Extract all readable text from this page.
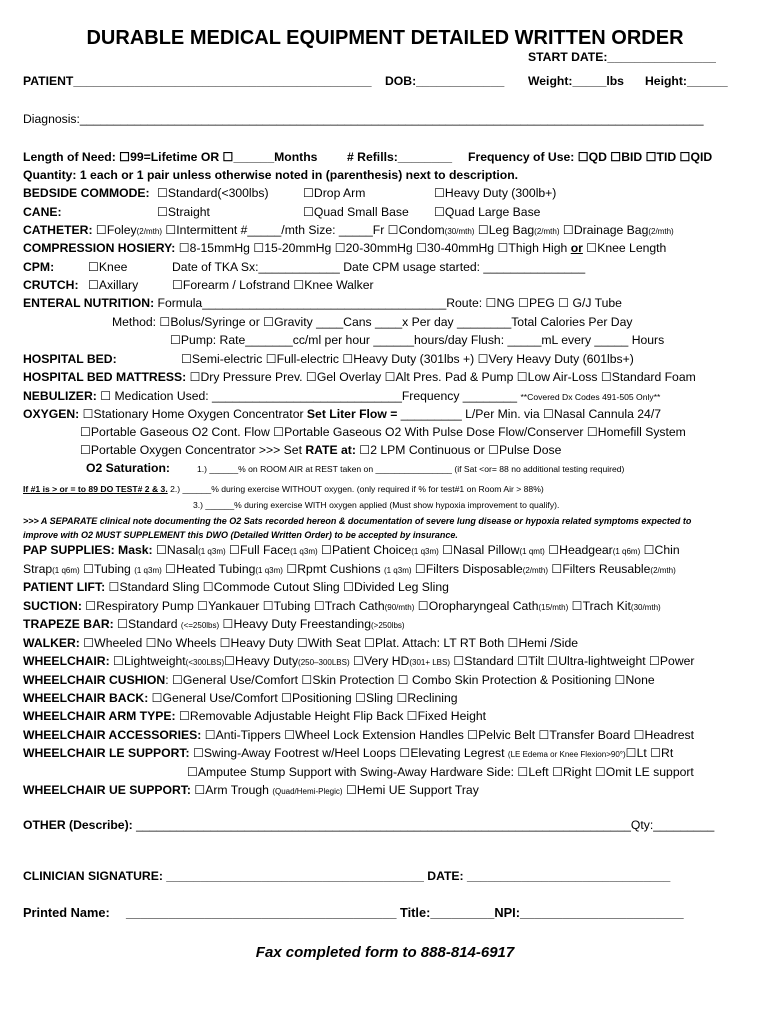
DURABLE MEDICAL EQUIPMENT DETAILED WRITTEN ORDER
START DATE:________________
PATIENT____________________________________________ DOB:_____________ Weight:_____lbs Height:______
Diagnosis:____________________________________________________________________________________________
Length of Need: ☐99=Lifetime OR ☐______Months # Refills:________ Frequency of Use: ☐QD ☐BID ☐TID ☐QID
Quantity: 1 each or 1 pair unless otherwise noted in (parenthesis) next to description.
BEDSIDE COMMODE: ☐Standard(<300lbs)	☐Drop Arm	☐Heavy Duty (300lb+)
CANE:	☐Straight	☐Quad Small Base ☐Quad Large Base
CATHETER: ☐Foley(2/mth) ☐Intermittent #_____/mth Size: _____Fr ☐Condom(30/mth) ☐Leg Bag(2/mth) ☐Drainage Bag(2/mth)
COMPRESSION HOSIERY: ☐8-15mmHg ☐15-20mmHg ☐20-30mmHg ☐30-40mmHg ☐Thigh High or ☐Knee Length
CPM:	☐Knee	Date of TKA Sx:____________ Date CPM usage started: _______________
CRUTCH: ☐Axillary	☐Forearm / Lofstrand ☐Knee Walker
ENTERAL NUTRITION: Formula____________________________________Route: ☐NG ☐PEG ☐ G/J Tube
Method: ☐Bolus/Syringe or ☐Gravity ____Cans ____x Per day ________Total Calories Per Day
☐Pump: Rate_______cc/ml per hour ______hours/day Flush: _____mL every _____ Hours
HOSPITAL BED:	☐Semi-electric ☐Full-electric ☐Heavy Duty (301lbs +) ☐Very Heavy Duty (601lbs+)
HOSPITAL BED MATTRESS: ☐Dry Pressure Prev. ☐Gel Overlay ☐Alt Pres. Pad & Pump ☐Low Air-Loss ☐Standard Foam
NEBULIZER: ☐ Medication Used: ____________________________Frequency ________ **Covered Dx Codes 491-505 Only**
OXYGEN: ☐Stationary Home Oxygen Concentrator Set Liter Flow = _________ L/Per Min. via ☐Nasal Cannula 24/7
☐Portable Gaseous O2 Cont. Flow ☐Portable Gaseous O2 With Pulse Dose Flow/Conserver ☐Homefill System
☐Portable Oxygen Concentrator >>> Set RATE at: ☐2 LPM Continuous or ☐Pulse Dose
O2 Saturation:	1.) ______% on ROOM AIR at REST taken on ________________ (if Sat <or= 88 no additional testing required)
If #1 is > or = to 89 DO TEST# 2 & 3. 2.) ______% during exercise WITHOUT oxygen. (only required if % for test#1 on Room Air > 88%)
3.) ______% during exercise WITH oxygen applied (Must show hypoxia improvement to qualify).
>>> A SEPARATE clinical note documenting the O2 Sats recorded hereon & documentation of severe lung disease or hypoxia related symptoms expected to
improve with O2 MUST SUPPLEMENT this DWO (Detailed Written Order) to be accepted by insurance.
PAP SUPPLIES: Mask: ☐Nasal(1 q3m) ☐Full Face(1 q3m) ☐Patient Choice(1 q3m) ☐Nasal Pillow(1 qmt) ☐Headgear(1 q6m) ☐Chin
Strap(1 q6m) ☐Tubing (1 q3m) ☐Heated Tubing(1 q3m) ☐Rpmt Cushions (1 q3m) ☐Filters Disposable(2/mth) ☐Filters Reusable(2/mth)
PATIENT LIFT: ☐Standard Sling ☐Commode Cutout Sling ☐Divided Leg Sling
SUCTION: ☐Respiratory Pump ☐Yankauer ☐Tubing ☐Trach Cath(90/mth) ☐Oropharyngeal Cath(15/mth) ☐Trach Kit(30/mth)
TRAPEZE BAR: ☐Standard (<=250lbs) ☐Heavy Duty Freestanding(>250lbs)
WALKER: ☐Wheeled ☐No Wheels ☐Heavy Duty ☐With Seat ☐Plat. Attach: LT RT Both ☐Hemi /Side
WHEELCHAIR: ☐Lightweight(<300LBS)☐Heavy Duty(250–300LBS) ☐Very HD(301+ LBS) ☐Standard ☐Tilt ☐Ultra-lightweight ☐Power
WHEELCHAIR CUSHION: ☐General Use/Comfort ☐Skin Protection ☐ Combo Skin Protection & Positioning ☐None
WHEELCHAIR BACK: ☐General Use/Comfort ☐Positioning ☐Sling ☐Reclining
WHEELCHAIR ARM TYPE: ☐Removable Adjustable Height Flip Back ☐Fixed Height
WHEELCHAIR ACCESSORIES: ☐Anti-Tippers ☐Wheel Lock Extension Handles ☐Pelvic Belt ☐Transfer Board ☐Headrest
WHEELCHAIR LE SUPPORT: ☐Swing-Away Footrest w/Heel Loops ☐Elevating Legrest (LE Edema or Knee Flexion>90°)☐Lt ☐Rt
☐Amputee Stump Support with Swing-Away Hardware Side: ☐Left ☐Right ☐Omit LE support
WHEELCHAIR UE SUPPORT: ☐Arm Trough (Quad/Hemi-Plegic) ☐Hemi UE Support Tray
OTHER (Describe): _________________________________________________________________________Qty:_________
CLINICIAN SIGNATURE: ______________________________________ DATE: ______________________________
Printed Name: ______________________________________ Title:_________NPI:_______________________
Fax completed form to 888-814-6917
